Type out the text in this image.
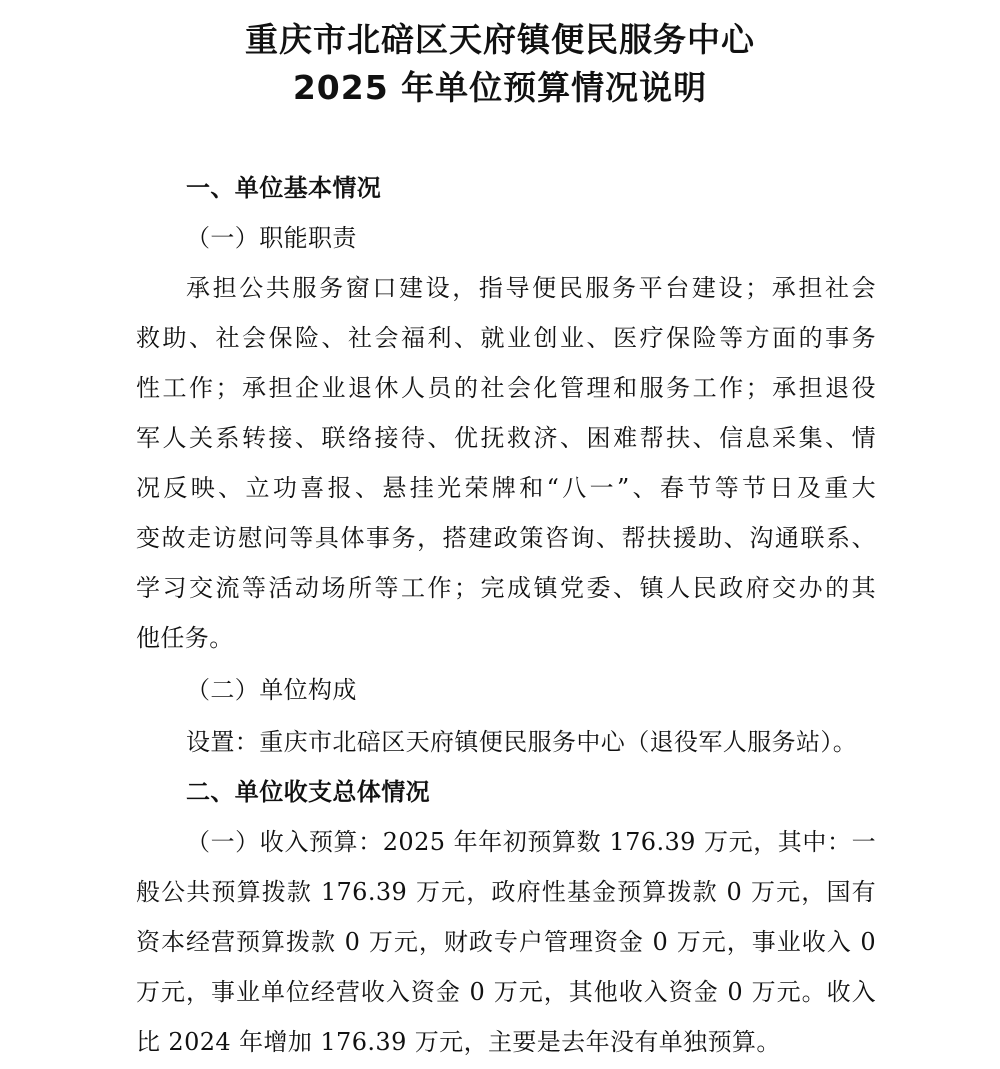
重庆市北碚区天府镇便民服务中心
2025 年单位预算情况说明
一、单位基本情况
（一）职能职责
承担公共服务窗口建设，指导便民服务平台建设；承担社会
救助、社会保险、社会福利、就业创业、医疗保险等方面的事务
性工作；承担企业退休人员的社会化管理和服务工作；承担退役
军人关系转接、联络接待、优抚救济、困难帮扶、信息采集、情
况反映、立功喜报、悬挂光荣牌和“八一”、春节等节日及重大
变故走访慰问等具体事务，搭建政策咨询、帮扶援助、沟通联系、
学习交流等活动场所等工作；完成镇党委、镇人民政府交办的其
他任务。
（二）单位构成
设置：重庆市北碚区天府镇便民服务中心（退役军人服务站）。
二、单位收支总体情况
（一）收入预算：2025 年年初预算数 176.39 万元，其中：一
般公共预算拨款 176.39 万元，政府性基金预算拨款 0 万元，国有
资本经营预算拨款 0 万元，财政专户管理资金 0 万元，事业收入 0
万元，事业单位经营收入资金 0 万元，其他收入资金 0 万元。收入
比 2024 年增加 176.39 万元，主要是去年没有单独预算。
